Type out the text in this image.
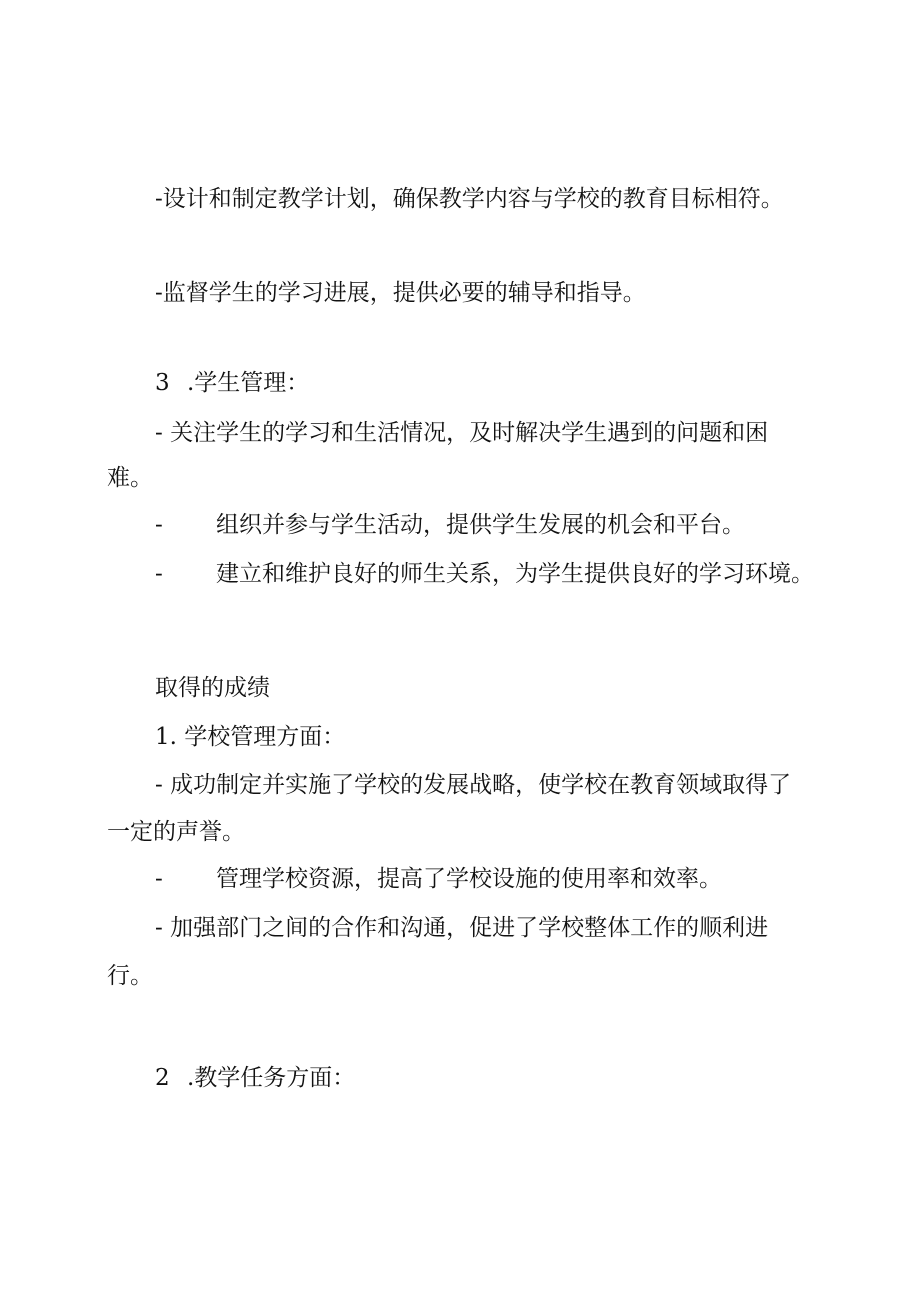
-设计和制定教学计划，确保教学内容与学校的教育目标相符。
-监督学生的学习进展，提供必要的辅导和指导。
3 .学生管理：
- 关注学生的学习和生活情况，及时解决学生遇到的问题和困
难。
- 组织并参与学生活动，提供学生发展的机会和平台。
- 建立和维护良好的师生关系，为学生提供良好的学习环境。
取得的成绩
1. 学校管理方面：
- 成功制定并实施了学校的发展战略，使学校在教育领域取得了
一定的声誉。
- 管理学校资源，提高了学校设施的使用率和效率。
- 加强部门之间的合作和沟通，促进了学校整体工作的顺利进
行。
2 .教学任务方面：
